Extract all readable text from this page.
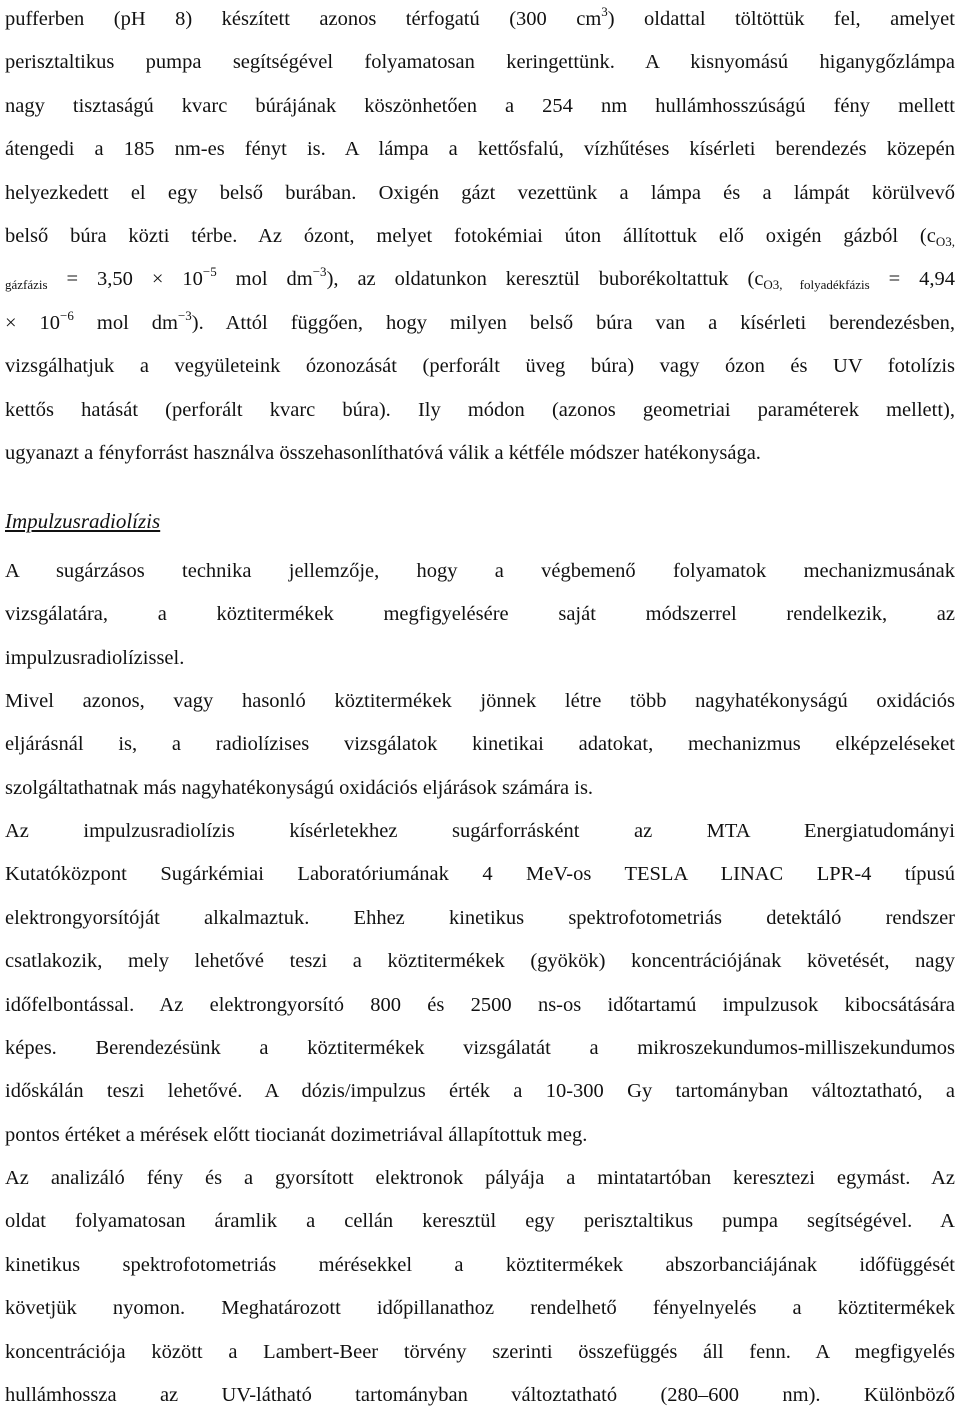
pufferben (pH 8) készített azonos térfogatú (300 $cm^3$) oldattal töltöttük fel, amelyet
perisztaltikus pumpa segítségével folyamatosan keringettünk. A kisnyomású higanygőzlámpa
nagy tisztaságú kvarc búrájának köszönhetően a 254 nm hullámhosszúságú fény mellett
átengedi a 185 nm-es fényt is. A lámpa a kettősfalú, vízhűtéses kísérleti berendezés közepén
helyezkedett el egy belső burában. Oxigén gázt vezettünk a lámpa és a lámpát körülvevő
belső búra közti térbe. Az ózont, melyet fotokémiai úton állítottuk elő oxigén gázból ($c_{O3,}$
$_{gázfázis} = 3,50 \times 10^{-5}$ mol $dm^{-3}$), az oldatunkon keresztül buborékoltattuk ($c_{O3, folyadékfázis} = 4,94$
× $10^{-6}$ mol $dm^{-3}$). Attól függően, hogy milyen belső búra van a kísérleti berendezésben,
vizsgálhatjuk a vegyületeink ózonozását (perforált üveg búra) vagy ózon és UV fotolízis
kettős hatását (perforált kvarc búra). Ily módon (azonos geometriai paraméterek mellett),
ugyanazt a fényforrást használva összehasonlíthatóvá válik a kétféle módszer hatékonysága.
Impulzusradiolízis
A sugárzásos technika jellemzője, hogy a végbemenő folyamatok mechanizmusának
vizsgálatára, a köztitermékek megfigyelésére saját módszerrel rendelkezik, az
impulzusradiolízissel.
Mivel azonos, vagy hasonló köztitermékek jönnek létre több nagyhatékonyságú oxidációs
eljárásnál is, a radiolízises vizsgálatok kinetikai adatokat, mechanizmus elképzeléseket
szolgáltathatnak más nagyhatékonyságú oxidációs eljárások számára is.
Az impulzusradiolízis kísérletekhez sugárforrásként az MTA Energiatudományi
Kutatóközpont Sugárkémiai Laboratóriumának 4 MeV-os TESLA LINAC LPR-4 típusú
elektrongyorsítóját alkalmaztuk. Ehhez kinetikus spektrofotometriás detektáló rendszer
csatlakozik, mely lehetővé teszi a köztitermékek (gyökök) koncentrációjának követését, nagy
időfelbontással. Az elektrongyorsító 800 és 2500 ns-os időtartamú impulzusok kibocsátására
képes. Berendezésünk a köztitermékek vizsgálatát a mikroszekundumos-milliszekundumos
időskálán teszi lehetővé. A dózis/impulzus érték a 10-300 Gy tartományban változtatható, a
pontos értéket a mérések előtt tiocianát dozimetriával állapítottuk meg.
Az analizáló fény és a gyorsított elektronok pályája a mintatartóban keresztezi egymást. Az
oldat folyamatosan áramlik a cellán keresztül egy perisztaltikus pumpa segítségével. A
kinetikus spektrofotometriás mérésekkel a köztitermékek abszorbanciájának időfüggését
követjük nyomon. Meghatározott időpillanathoz rendelhető fényelnyelés a köztitermékek
koncentrációja között a Lambert-Beer törvény szerinti összefüggés áll fenn. A megfigyelés
hullámhossza az UV-látható tartományban változtatható (280–600 nm). Különböző
